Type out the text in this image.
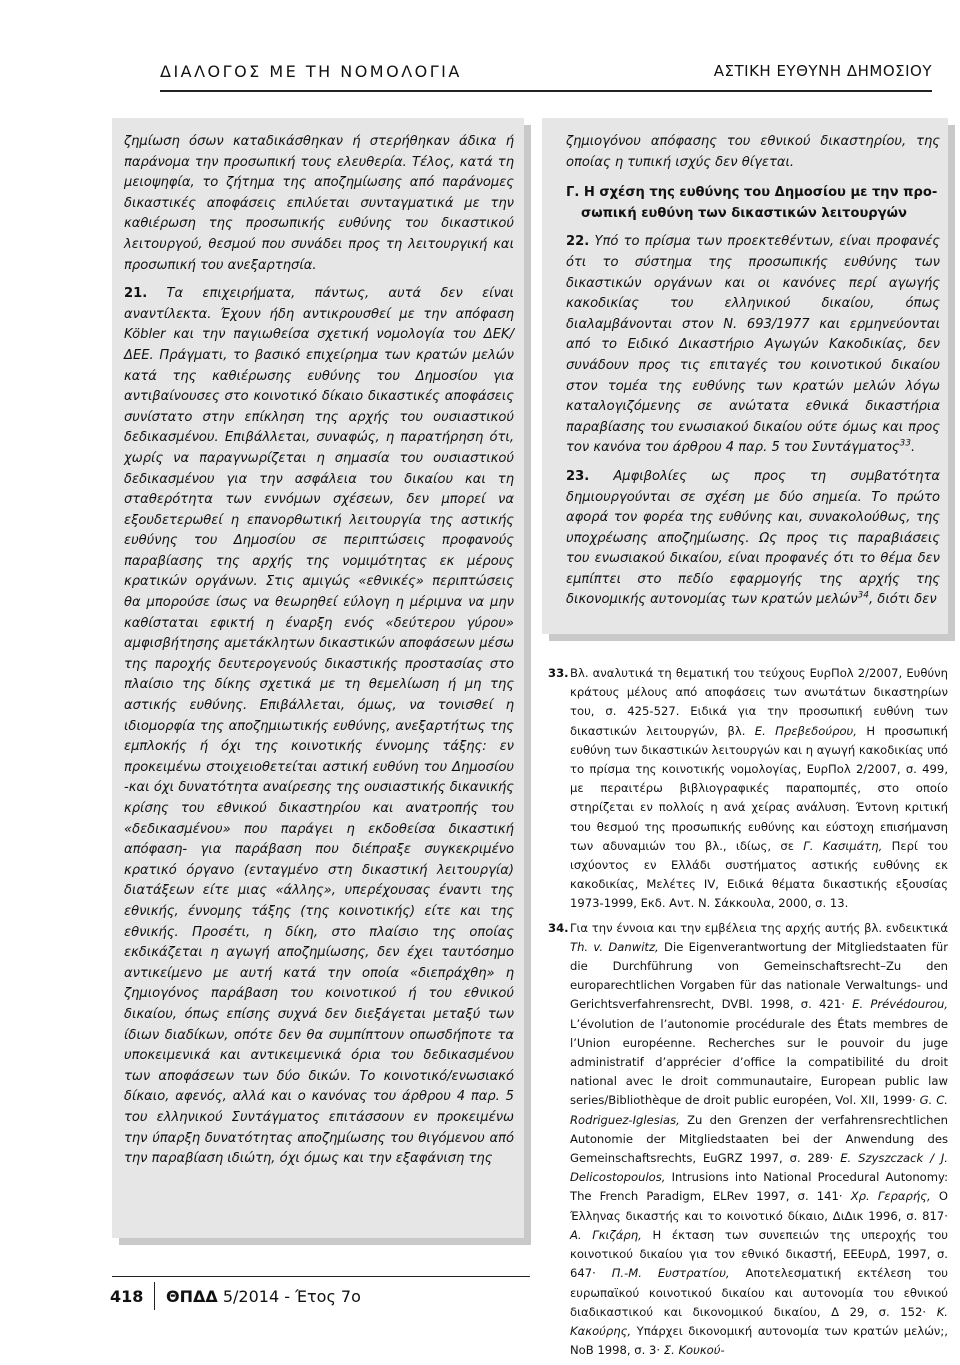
ΔΙΑΛΟΓΟΣ ΜΕ ΤΗ ΝΟΜΟΛΟΓΙΑ	ΑΣΤΙΚΗ ΕΥΘΥΝΗ ΔΗΜΟΣΙΟΥ

ζημίωση όσων καταδικάσθηκαν ή στερήθηκαν άδικα ή παράνομα την προσωπική τους ελευθερία. Τέλος, κατά τη μειοψηφία, το ζήτημα της αποζημίωσης από παράνομες δικαστικές αποφάσεις επιλύεται συνταγματικά με την καθιέρωση της προσωπικής ευθύνης του δικαστικού λειτουργού, θεσμού που συνάδει προς τη λειτουργική και προσωπική του ανεξαρτησία.

21. Τα επιχειρήματα, πάντως, αυτά δεν είναι αναντίλεκτα. Έχουν ήδη αντικρουσθεί με την απόφαση Köbler και την παγιωθείσα σχετική νομολογία του ΔΕΚ/ΔΕΕ. Πράγματι, το βασικό επιχείρημα των κρατών μελών κατά της καθιέρωσης ευθύνης του Δημοσίου για αντιβαίνουσες στο κοινοτικό δίκαιο δικαστικές αποφάσεις συνίστατο στην επίκληση της αρχής του ουσιαστικού δεδικασμένου. Επιβάλλεται, συναφώς, η παρατήρηση ότι, χωρίς να παραγνωρίζεται η σημασία του ουσιαστικού δεδικασμένου για την ασφάλεια του δικαίου και τη σταθερότητα των εννόμων σχέσεων, δεν μπορεί να εξουδετερωθεί η επανορθωτική λειτουργία της αστικής ευθύνης του Δημοσίου σε περιπτώσεις προφανούς παραβίασης της αρχής της νομιμότητας εκ μέρους κρατικών οργάνων. Στις αμιγώς «εθνικές» περιπτώσεις θα μπορούσε ίσως να θεωρηθεί εύλογη η μέριμνα να μην καθίσταται εφικτή η έναρξη ενός «δεύτερου γύρου» αμφισβήτησης αμετάκλητων δικαστικών αποφάσεων μέσω της παροχής δευτερογενούς δικαστικής προστασίας στο πλαίσιο της δίκης σχετικά με τη θεμελίωση ή μη της αστικής ευθύνης. Επιβάλλεται, όμως, να τονισθεί η ιδιομορφία της αποζημιωτικής ευθύνης, ανεξαρτήτως της εμπλοκής ή όχι της κοινοτικής έννομης τάξης: εν προκειμένω στοιχειοθετείται αστική ευθύνη του Δημοσίου -και όχι δυνατότητα αναίρεσης της ουσιαστικής δικανικής κρίσης του εθνικού δικαστηρίου και ανατροπής του «δεδικασμένου» που παράγει η εκδοθείσα δικαστική απόφαση- για παράβαση που διέπραξε συγκεκριμένο κρατικό όργανο (ενταγμένο στη δικαστική λειτουργία) διατάξεων είτε μιας «άλλης», υπερέχουσας έναντι της εθνικής, έννομης τάξης (της κοινοτικής) είτε και της εθνικής. Προσέτι, η δίκη, στο πλαίσιο της οποίας εκδικάζεται η αγωγή αποζημίωσης, δεν έχει ταυτόσημο αντικείμενο με αυτή κατά την οποία «διεπράχθη» η ζημιογόνος παράβαση του κοινοτικού ή του εθνικού δικαίου, όπως επίσης συχνά δεν διεξάγεται μεταξύ των ίδιων διαδίκων, οπότε δεν θα συμπίπτουν οπωσδήποτε τα υποκειμενικά και αντικειμενικά όρια του δεδικασμένου των αποφάσεων των δύο δικών. Το κοινοτικό/ενωσιακό δίκαιο, αφενός, αλλά και ο κανόνας του άρθρου 4 παρ. 5 του ελληνικού Συντάγματος επιτάσσουν εν προκειμένω την ύπαρξη δυνατότητας αποζημίωσης του θιγόμενου από την παραβίαση ιδιώτη, όχι όμως και την εξαφάνιση της

ζημιογόνου απόφασης του εθνικού δικαστηρίου, της οποίας η τυπική ισχύς δεν θίγεται.

Γ. Η σχέση της ευθύνης του Δημοσίου με την προ-
σωπική ευθύνη των δικαστικών λειτουργών

22. Υπό το πρίσμα των προεκτεθέντων, είναι προφανές ότι το σύστημα της προσωπικής ευθύνης των δικαστικών οργάνων και οι κανόνες περί αγωγής κακοδικίας του ελληνικού δικαίου, όπως διαλαμβάνονται στον Ν. 693/1977 και ερμηνεύονται από το Ειδικό Δικαστήριο Αγωγών Κακοδικίας, δεν συνάδουν προς τις επιταγές του κοινοτικού δικαίου στον τομέα της ευθύνης των κρατών μελών λόγω καταλογιζόμενης σε ανώτατα εθνικά δικαστήρια παραβίασης του ενωσιακού δικαίου ούτε όμως και προς τον κανόνα του άρθρου 4 παρ. 5 του Συντάγματος$^{33}$.

23. Αμφιβολίες ως προς τη συμβατότητα δημιουργούνται σε σχέση με δύο σημεία. Το πρώτο αφορά τον φορέα της ευθύνης και, συνακολούθως, της υποχρέωσης αποζημίωσης. Ως προς τις παραβιάσεις του ενωσιακού δικαίου, είναι προφανές ότι το θέμα δεν εμπίπτει στο πεδίο εφαρμογής της αρχής της δικονομικής αυτονομίας των κρατών μελών$^{34}$, διότι δεν

33. Βλ. αναλυτικά τη θεματική του τεύχους ΕυρΠολ 2/2007, Ευθύνη κράτους μέλους από αποφάσεις των ανωτάτων δικαστηρίων του, σ. 425-527. Ειδικά για την προσωπική ευθύνη των δικαστικών λειτουργών, βλ. Ε. Πρεβεδούρου, Η προσωπική ευθύνη των δικαστικών λειτουργών και η αγωγή κακοδικίας υπό το πρίσμα της κοινοτικής νομολογίας, ΕυρΠολ 2/2007, σ. 499, με περαιτέρω βιβλιογραφικές παραπομπές, στο οποίο στηρίζεται εν πολλοίς η ανά χείρας ανάλυση. Έντονη κριτική του θεσμού της προσωπικής ευθύνης και εύστοχη επισήμανση των αδυναμιών του βλ., ιδίως, σε Γ. Κασιμάτη, Περί του ισχύοντος εν Ελλάδι συστήματος αστικής ευθύνης εκ κακοδικίας, Μελέτες IV, Ειδικά θέματα δικαστικής εξουσίας 1973-1999, Εκδ. Αντ. Ν. Σάκκουλα, 2000, σ. 13.
34. Για την έννοια και την εμβέλεια της αρχής αυτής βλ. ενδεικτικά Th. v. Danwitz, Die Eigenverantwortung der Mitgliedstaaten für die Durchführung von Gemeinschaftsrecht–Zu den europarechtlichen Vorgaben für das nationale Verwaltungs- und Gerichtsverfahrensrecht, DVBl. 1998, σ. 421· E. Prévédourou, L’évolution de l’autonomie procédurale des États membres de l’Union européenne. Recherches sur le pouvoir du juge administratif d’apprécier d’office la compatibilité du droit national avec le droit communautaire, European public law series/Bibliothèque de droit public européen, Vol. XII, 1999· G. C. Rodriguez-Iglesias, Zu den Grenzen der verfahrensrechtlichen Autonomie der Mitgliedstaaten bei der Anwendung des Gemeinschaftsrechts, EuGRZ 1997, σ. 289· E. Szyszczack / J. Delicostopoulos, Intrusions into National Procedural Autonomy: The French Paradigm, ELRev 1997, σ. 141· Χρ. Γεραρής, Ο Έλληνας δικαστής και το κοινοτικό δίκαιο, ΔιΔικ 1996, σ. 817· Α. Γκιζάρη, Η έκταση των συνεπειών της υπεροχής του κοινοτικού δικαίου για τον εθνικό δικαστή, ΕΕΕυρΔ, 1997, σ. 647· Π.-Μ. Ευστρατίου, Αποτελεσματική εκτέλεση του ευρωπαϊκού κοινοτικού δικαίου και αυτονομία του εθνικού διαδικαστικού και δικονομικού δικαίου, Δ 29, σ. 152· Κ. Κακούρης, Υπάρχει δικονομική αυτονομία των κρατών μελών;, ΝοΒ 1998, σ. 3· Σ. Κουκού-
418 ΘΠΔΔ 5/2014 - Έτος 7ο
